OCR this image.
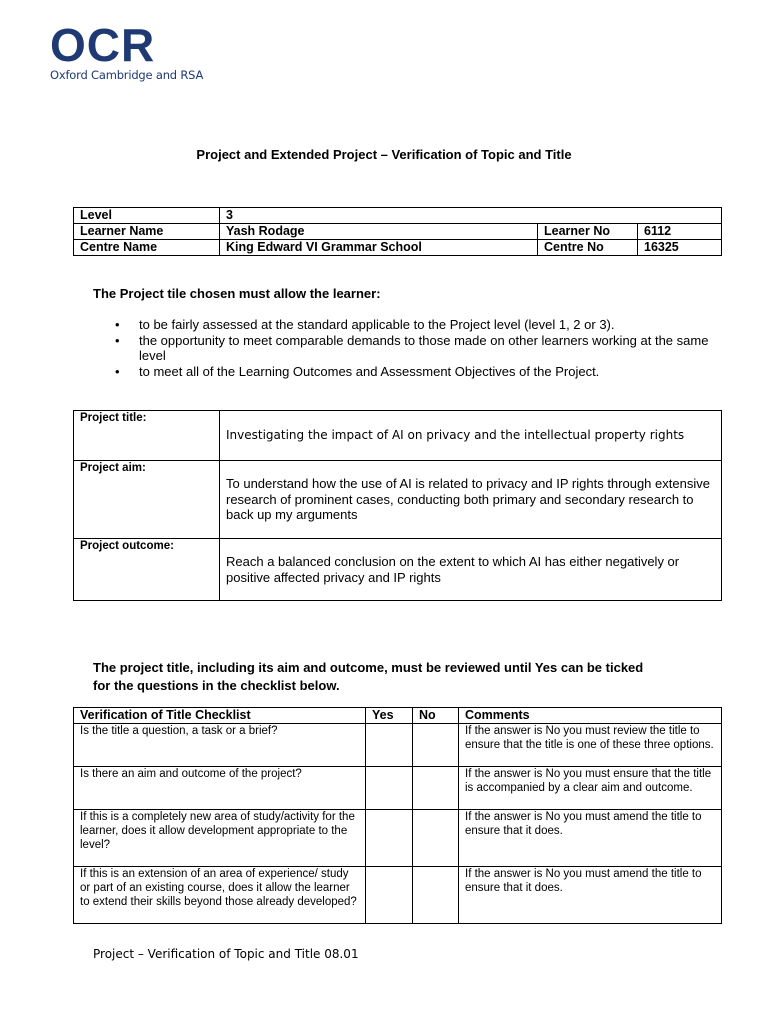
OCR
Oxford Cambridge and RSA
Project and Extended Project – Verification of Topic and Title
Level	3		
Learner Name	Yash Rodage	Learner No	6112
Centre Name	King Edward VI Grammar School	Centre No	16325
The Project tile chosen must allow the learner:
• to be fairly assessed at the standard applicable to the Project level (level 1, 2 or 3).
• the opportunity to meet comparable demands to those made on other learners working at the same level
• to meet all of the Learning Outcomes and Assessment Objectives of the Project.
Project title:	Investigating the impact of AI on privacy and the intellectual property rights

Project aim:	To understand how the use of AI is related to privacy and IP rights through extensive research of prominent cases, conducting both primary and secondary research to back up my arguments

Project outcome:	Reach a balanced conclusion on the extent to which AI has either negatively or positive affected privacy and IP rights
The project title, including its aim and outcome, must be reviewed until Yes can be ticked for the questions in the checklist below.
Verification of Title Checklist	Yes	No	Comments
Is the title a question, a task or a brief?			If the answer is No you must review the title to ensure that the title is one of these three options.
Is there an aim and outcome of the project?			If the answer is No you must ensure that the title is accompanied by a clear aim and outcome.
If this is a completely new area of study/activity for the learner, does it allow development appropriate to the level?			If the answer is No you must amend the title to ensure that it does.
If this is an extension of an area of experience/ study or part of an existing course, does it allow the learner to extend their skills beyond those already developed?			If the answer is No you must amend the title to ensure that it does.
Project – Verification of Topic and Title 08.01
